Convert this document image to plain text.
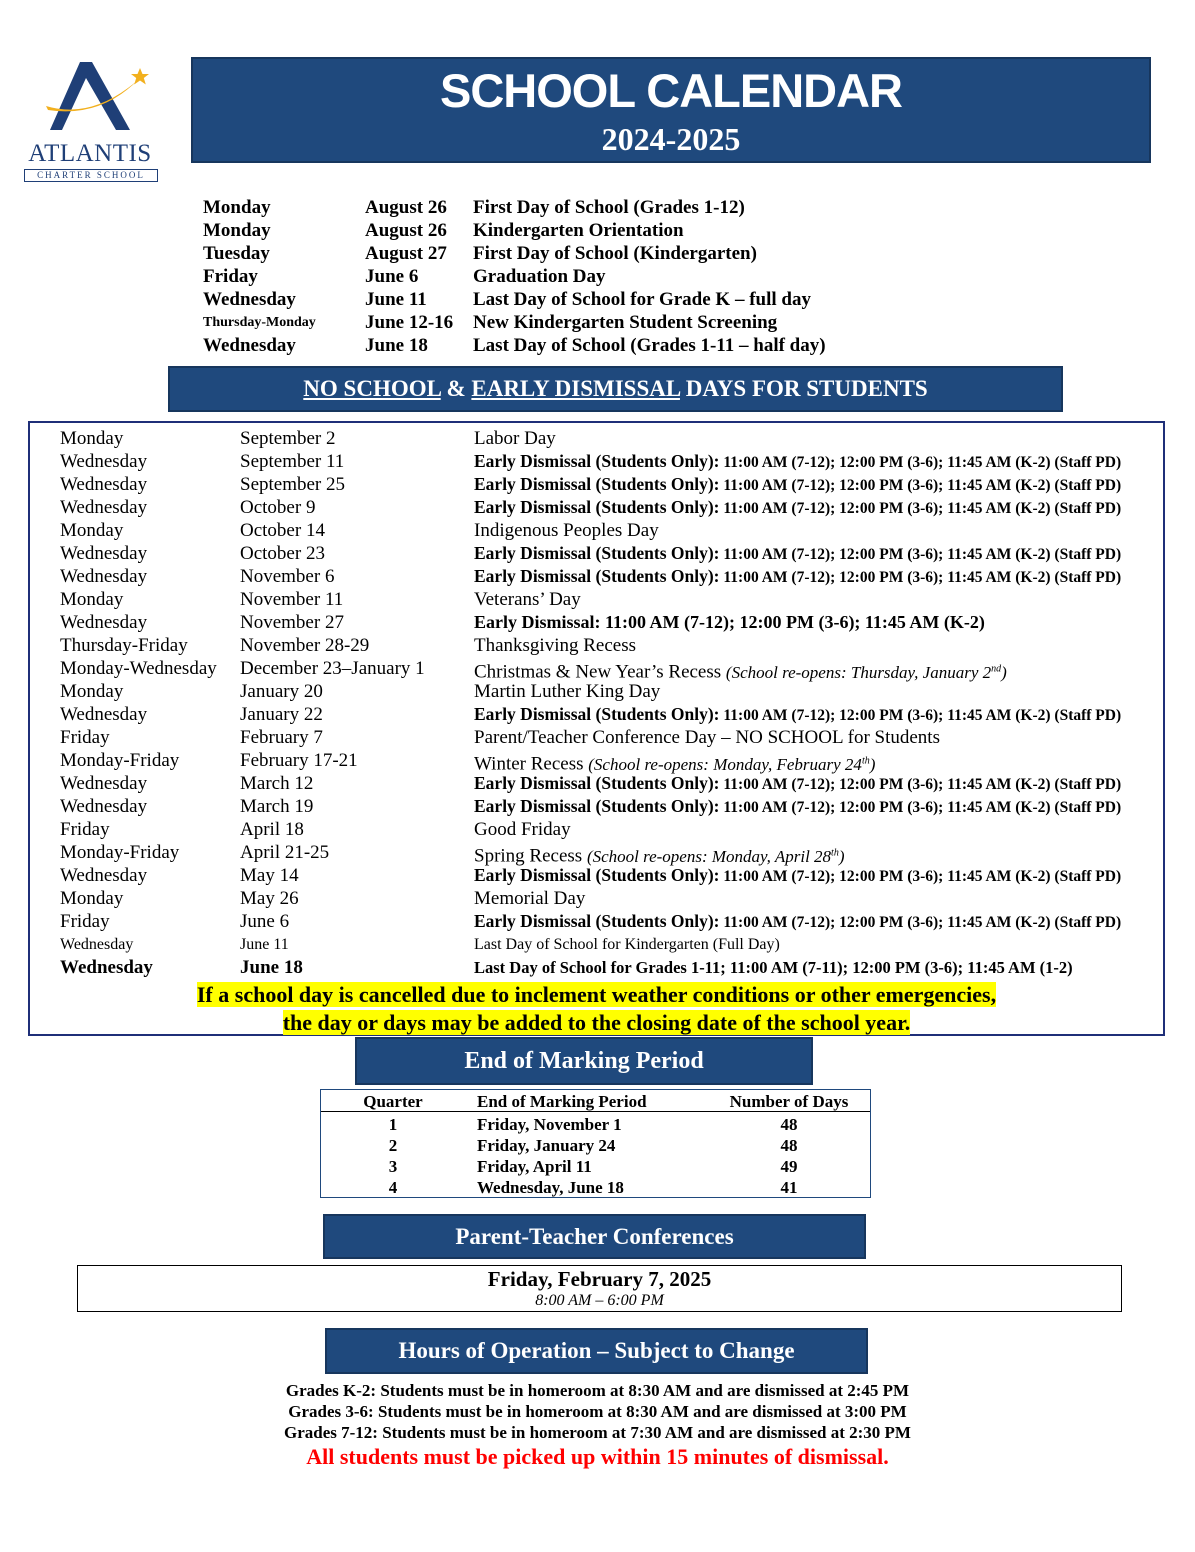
ATLANTIS
CHARTER SCHOOL
SCHOOL CALENDAR
2024-2025
Monday	August 26 First Day of School (Grades 1-12)
Monday	August 26 Kindergarten Orientation
Tuesday	August 27 First Day of School (Kindergarten)
Friday	June 6	Graduation Day
Wednesday	June 11 Last Day of School for Grade K – full day
Thursday-Monday	June 12-16 New Kindergarten Student Screening
Wednesday	June 18 Last Day of School (Grades 1-11 – half day)
NO SCHOOL & EARLY DISMISSAL DAYS FOR STUDENTS
Monday	September 2	Labor Day
Wednesday	September 11	Early Dismissal (Students Only): 11:00 AM (7-12); 12:00 PM (3-6); 11:45 AM (K-2) (Staff PD)
Wednesday	September 25	Early Dismissal (Students Only): 11:00 AM (7-12); 12:00 PM (3-6); 11:45 AM (K-2) (Staff PD)
Wednesday	October 9	Early Dismissal (Students Only): 11:00 AM (7-12); 12:00 PM (3-6); 11:45 AM (K-2) (Staff PD)
Monday	October 14	Indigenous Peoples Day
Wednesday	October 23	Early Dismissal (Students Only): 11:00 AM (7-12); 12:00 PM (3-6); 11:45 AM (K-2) (Staff PD)
Wednesday	November 6	Early Dismissal (Students Only): 11:00 AM (7-12); 12:00 PM (3-6); 11:45 AM (K-2) (Staff PD)
Monday	November 11	Veterans’ Day
Wednesday	November 27	Early Dismissal: 11:00 AM (7-12); 12:00 PM (3-6); 11:45 AM (K-2)
Thursday-Friday	November 28-29	Thanksgiving Recess
Monday-Wednesday December 23–January 1	Christmas & New Year’s Recess (School re-opens: Thursday, January 2nd)
Monday	January 20	Martin Luther King Day
Wednesday	January 22	Early Dismissal (Students Only): 11:00 AM (7-12); 12:00 PM (3-6); 11:45 AM (K-2) (Staff PD)
Friday	February 7	Parent/Teacher Conference Day – NO SCHOOL for Students
Monday-Friday	February 17-21	Winter Recess (School re-opens: Monday, February 24th)
Wednesday	March 12	Early Dismissal (Students Only): 11:00 AM (7-12); 12:00 PM (3-6); 11:45 AM (K-2) (Staff PD)
Wednesday	March 19	Early Dismissal (Students Only): 11:00 AM (7-12); 12:00 PM (3-6); 11:45 AM (K-2) (Staff PD)
Friday	April 18	Good Friday
Monday-Friday	April 21-25	Spring Recess (School re-opens: Monday, April 28th)
Wednesday	May 14	Early Dismissal (Students Only): 11:00 AM (7-12); 12:00 PM (3-6); 11:45 AM (K-2) (Staff PD)
Monday	May 26	Memorial Day
Friday	June 6	Early Dismissal (Students Only): 11:00 AM (7-12); 12:00 PM (3-6); 11:45 AM (K-2) (Staff PD)
Wednesday	June 11	Last Day of School for Kindergarten (Full Day)
Wednesday	June 18	Last Day of School for Grades 1-11; 11:00 AM (7-11); 12:00 PM (3-6); 11:45 AM (1-2)
If a school day is cancelled due to inclement weather conditions or other emergencies,
the day or days may be added to the closing date of the school year.
End of Marking Period
Quarter	End of Marking Period	Number of Days
1	Friday, November 1	48
2	Friday, January 24	48
3	Friday, April 11	49
4	Wednesday, June 18	41
Parent-Teacher Conferences
Friday, February 7, 2025
8:00 AM – 6:00 PM
Hours of Operation – Subject to Change
Grades K-2: Students must be in homeroom at 8:30 AM and are dismissed at 2:45 PM
Grades 3-6: Students must be in homeroom at 8:30 AM and are dismissed at 3:00 PM
Grades 7-12: Students must be in homeroom at 7:30 AM and are dismissed at 2:30 PM
All students must be picked up within 15 minutes of dismissal.
